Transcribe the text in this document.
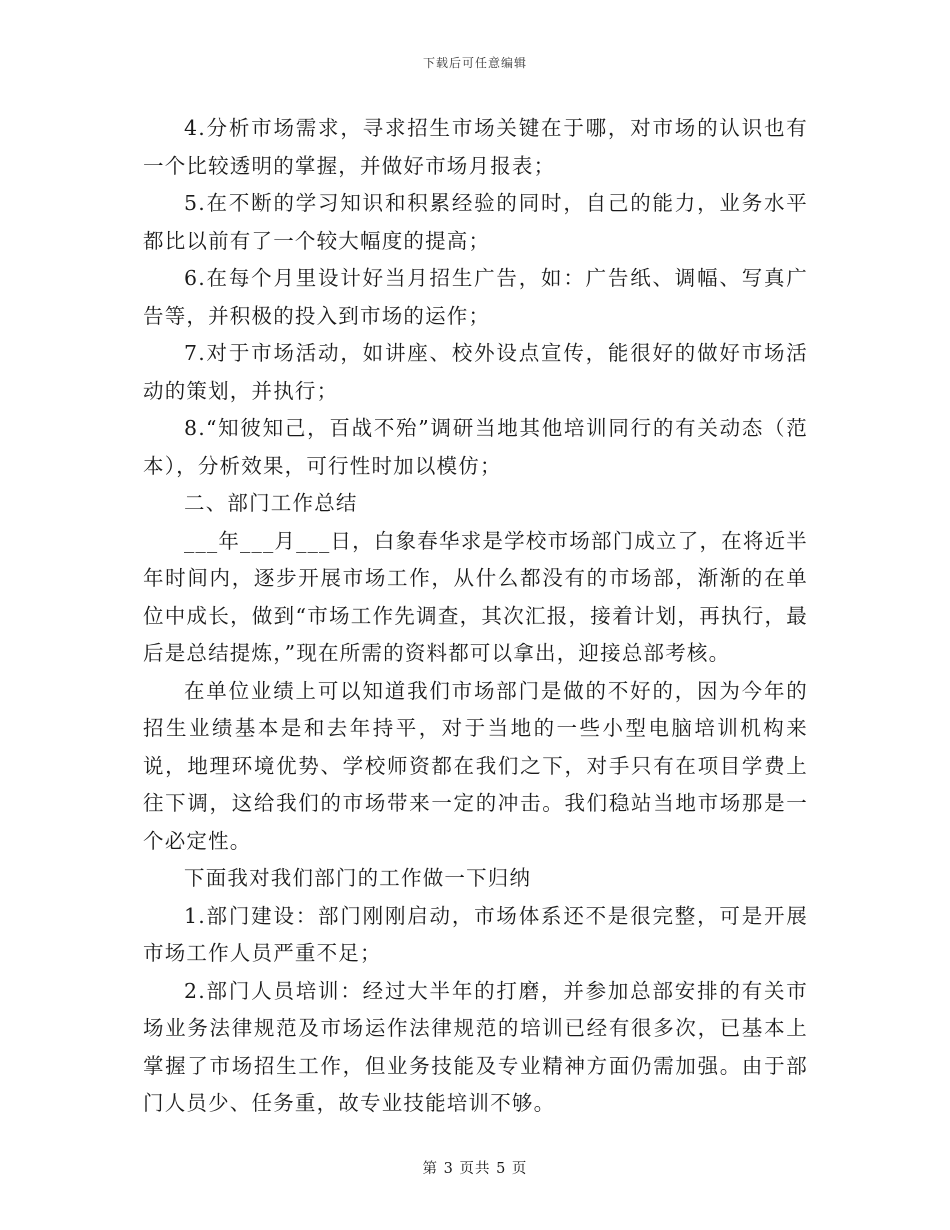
下载后可任意编辑

4.分析市场需求，寻求招生市场关键在于哪，对市场的认识也有一个比较透明的掌握，并做好市场月报表；

5.在不断的学习知识和积累经验的同时，自己的能力，业务水平都比以前有了一个较大幅度的提高；

6.在每个月里设计好当月招生广告，如：广告纸、调幅、写真广告等，并积极的投入到市场的运作；

7.对于市场活动，如讲座、校外设点宣传，能很好的做好市场活动的策划，并执行；

8.“知彼知己，百战不殆”调研当地其他培训同行的有关动态（范本），分析效果，可行性时加以模仿；

二、部门工作总结

___年___月___日，白象春华求是学校市场部门成立了，在将近半年时间内，逐步开展市场工作，从什么都没有的市场部，渐渐的在单位中成长，做到“市场工作先调查，其次汇报，接着计划，再执行，最后是总结提炼，”现在所需的资料都可以拿出，迎接总部考核。

在单位业绩上可以知道我们市场部门是做的不好的，因为今年的招生业绩基本是和去年持平，对于当地的一些小型电脑培训机构来说，地理环境优势、学校师资都在我们之下，对手只有在项目学费上往下调，这给我们的市场带来一定的冲击。我们稳站当地市场那是一个必定性。

下面我对我们部门的工作做一下归纳

1.部门建设：部门刚刚启动，市场体系还不是很完整，可是开展市场工作人员严重不足；

2.部门人员培训：经过大半年的打磨，并参加总部安排的有关市场业务法律规范及市场运作法律规范的培训已经有很多次，已基本上掌握了市场招生工作，但业务技能及专业精神方面仍需加强。由于部门人员少、任务重，故专业技能培训不够。

第 3 页共 5 页
